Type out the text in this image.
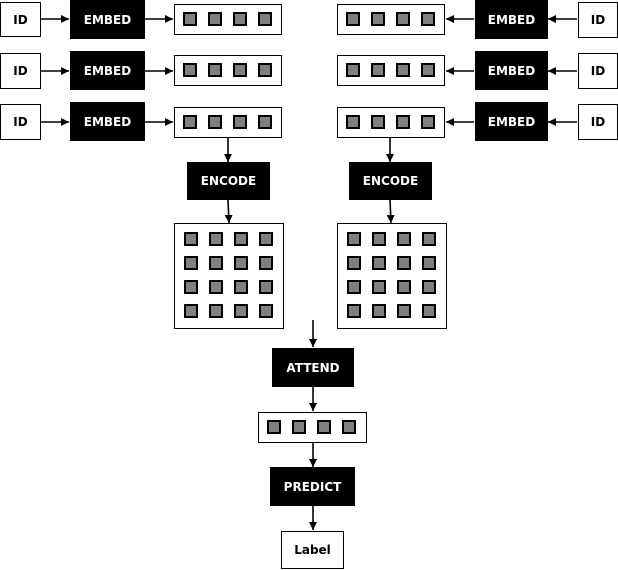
ID
ID
ID
EMBED
EMBED
EMBED
EMBED
EMBED
EMBED
ID
ID
ID
ENCODE	ENCODE
ATTEND
PREDICT
Label
